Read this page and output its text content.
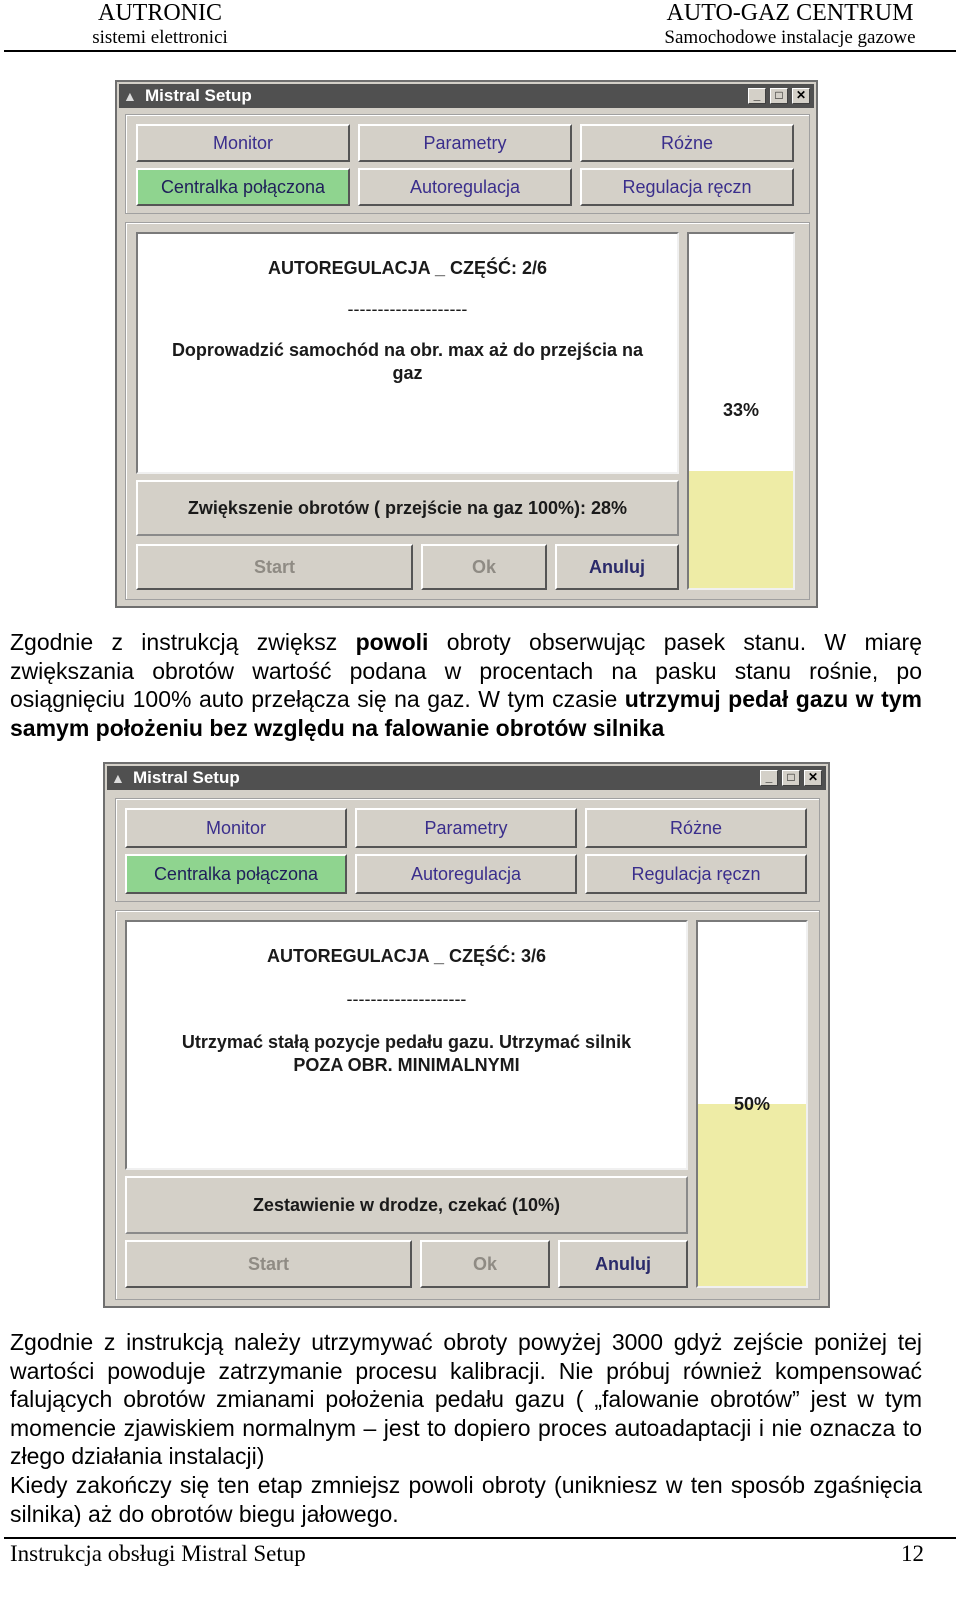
AUTRONIC
sistemi elettronici
AUTO-GAZ CENTRUM
Samochodowe instalacje gazowe
▲ Mistral Setup	_	□	✕
Monitor	Parametry	Różne
Centralka połączona	Autoregulacja	Regulacja ręczn
AUTOREGULACJA _ CZĘŚĆ: 2/6
--------------------
Doprowadzić samochód na obr. max aż do przejścia na
gaz
Zwiększenie obrotów ( przejście na gaz 100%): 28%
33%
Start	Ok	Anuluj
Zgodnie z instrukcją zwiększ powoli obroty obserwując pasek stanu. W miarę zwiększania obrotów wartość podana w procentach na pasku stanu rośnie, po osiągnięciu 100% auto przełącza się na gaz. W tym czasie utrzymuj pedał gazu w tym samym położeniu bez względu na falowanie obrotów silnika
▲ Mistral Setup	_	□	✕
Monitor	Parametry	Różne
Centralka połączona	Autoregulacja	Regulacja ręczn
AUTOREGULACJA _ CZĘŚĆ: 3/6
--------------------
Utrzymać stałą pozycje pedału gazu. Utrzymać silnik
POZA OBR. MINIMALNYMI
Zestawienie w drodze, czekać (10%)
50%
Start	Ok	Anuluj
Zgodnie z instrukcją należy utrzymywać obroty powyżej 3000 gdyż zejście poniżej tej wartości powoduje zatrzymanie procesu kalibracji. Nie próbuj również kompensować falujących obrotów zmianami położenia pedału gazu ( „falowanie obrotów” jest w tym momencie zjawiskiem normalnym – jest to dopiero proces autoadaptacji i nie oznacza to złego działania instalacji)
Kiedy zakończy się ten etap zmniejsz powoli obroty (unikniesz w ten sposób zgaśnięcia silnika) aż do obrotów biegu jałowego.
Instrukcja obsługi Mistral Setup	12
